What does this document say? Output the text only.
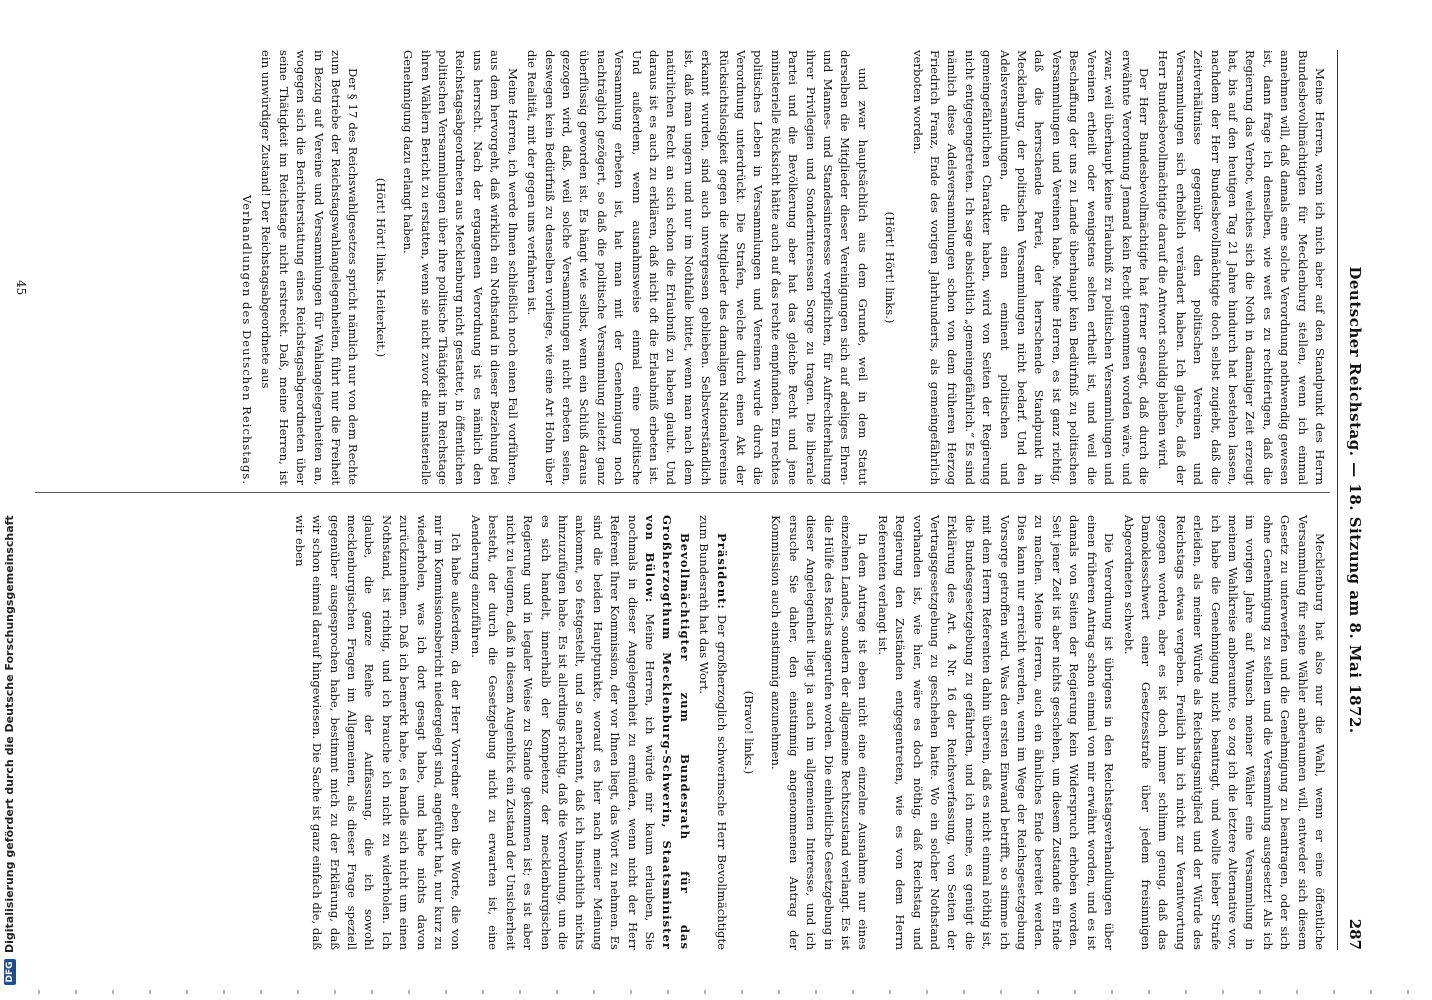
Deutscher Reichstag. — 18. Sitzung am 8. Mai 1872.
287

Meine Herren, wenn ich mich aber auf den Standpunkt des Herrn Bundesbevollmächtigten für Mecklenburg stellen, wenn ich einmal annehmen will, daß damals eine solche Verordnung nothwendig gewesen ist, dann frage ich denselben, wie weit es zu rechtfertigen, daß die Regierung das Verbot, welches sich die Noth in damaliger Zeit erzeugt hat, bis auf den heutigen Tag 21 Jahre hindurch hat bestehen lassen, nachdem der Herr Bundesbevollmächtigte doch selbst zugiebt, daß die Zeitverhältnisse gegenüber den politischen Vereinen und Versammlungen sich erheblich verändert haben. Ich glaube, daß der Herr Bundesbevollmächtigte darauf die Antwort schuldig bleiben wird.

Der Herr Bundesbevollmächtigte hat ferner gesagt, daß durch die erwähnte Verordnung Jemand kein Recht genommen worden wäre, und zwar, weil überhaupt keine Erlaubniß zu politischen Versammlungen und Vereinen ertheilt oder wenigstens selten ertheilt ist, und weil die Beschaffung der uns zu Lande überhaupt kein Bedürfniß zu politischen Versammlungen und Vereinen habe. Meine Herren, es ist ganz richtig, daß die herrschende Partei, der herrschende Standpunkt in Mecklenburg, der politischen Versammlungen nicht bedarf. Und den Adelsversammlungen, die einen eminent politischen und gemeingefährlichen Charakter haben, wird von Seiten der Regierung nicht entgegengetreten. Ich sage absichtlich „gemeingefährlich.“ Es sind nämlich diese Adelsversammlungen schon von dem früheren Herzog Friedrich Franz, Ende des vorigen Jahrhunderts, als gemeingefährlich verboten worden.

(Hört! Hört! links.)

und zwar hauptsächlich aus dem Grunde, weil in dem Statut derselben die Mitglieder dieser Vereinigungen sich auf adeliges Ehren- und Mannes- und Standesinteresse verpflichten, für Aufrechterhaltung ihrer Privilegien und Sonderinteressen Sorge zu tragen. Die liberale Partei und die Bevölkerung aber hat das gleiche Recht und jene ministerielle Rücksicht hätte auch auf das rechte empfunden. Ein rechtes politisches Leben in Versammlungen und Vereinen wurde durch die Verordnung unterdrückt. Die Strafen, welche durch einen Akt der Rücksichtslosigkeit gegen die Mitglieder des damaligen Nationalvereins erkannt wurden, sind auch unvergessen geblieben. Selbstverständlich ist, daß man ungern und nur im Nothfalle bittet, wenn man nach dem natürlichen Recht an sich schon die Erlaubniß zu haben glaubt. Und daraus ist es auch zu erklären, daß nicht oft die Erlaubniß erbeten ist. Und außerdem, wenn ausnahmsweise einmal eine politische Versammlung erbeten ist, hat man mit der Genehmigung noch nachträglich gezögert, so daß die politische Versammlung zuletzt ganz überflüssig geworden ist. Es hängt wie selbst, wenn ein Schluß daraus gezogen wird, daß, weil solche Versammlungen nicht erbeten seien, deswegen kein Bedürfniß zu denselben vorliege, wie eine Art Hohn über die Realität, mit der gegen uns verfahren ist.

Meine Herren, ich werde Ihnen schließlich noch einen Fall vorführen, aus dem hervorgeht, daß wirklich ein Nothstand in dieser Beziehung bei uns herrscht. Nach der ergangenen Verordnung ist es nämlich den Reichstagsabgeordneten aus Mecklenburg nicht gestattet, in öffentlichen politischen Versammlungen über ihre politische Thätigkeit im Reichstage ihren Wählern Bericht zu erstatten, wenn sie nicht zuvor die ministerielle Genehmigung dazu erlangt haben.

(Hört! Hört! links. Heiterkeit.)

Der § 17 des Reichswahlgesetzes spricht nämlich nur von dem Rechte zum Betriebe der Reichstagswahlangelegenheiten, führt nur die Freiheit in Bezug auf Vereine und Versammlungen für Wahlangelegenheiten an, wogegen sich die Berichterstattung eines Reichstagsabgeordneten über seine Thätigkeit im Reichstage nicht erstreckt. Daß, meine Herren, ist ein unwürdiger Zustand! Der Reichstagsabgeordnete aus

Verhandlungen des Deutschen Reichstags.

Mecklenburg hat also nur die Wahl, wenn er eine öffentliche Versammlung für seine Wähler anberaumen will, entweder sich diesem Gesetz zu unterwerfen und die Genehmigung zu beantragen, oder sich ohne Genehmigung zu stellen und die Versammlung ausgesetzt! Als ich im vorigen Jahre auf Wunsch meiner Wähler eine Versammlung in meinem Wahlkreise anberaumte, so zog ich die letztere Alternative vor, ich habe die Genehmigung nicht beantragt, und wollte lieber Strafe erleiden, als meiner Würde als Reichstagsmitglied und der Würde des Reichstags etwas vergeben. Freilich bin ich nicht zur Verantwortung gezogen worden, aber es ist doch immer schlimm genug, daß das Damoklesschwert einer Gesetzesstrafe über jedem freisinnigen Abgeordneten schwebt.

Die Verordnung ist übrigens in den Reichstagsverhandlungen über einen früheren Antrag schon einmal von mir erwähnt worden, und es ist damals von Seiten der Regierung kein Widerspruch erhoben worden. Seit jener Zeit ist aber nichts geschehen, um diesem Zustande ein Ende zu machen. Meine Herren, auch ein ähnliches Ende bereitet werden. Dies kann nur erreicht werden, wenn im Wege der Reichsgesetzgebung Vorsorge getroffen wird. Was den ersten Einwand betrifft, so stimme ich mit dem Herrn Referenten dahin überein, daß es nicht einmal nöthig ist, die Bundesgesetzgebung zu gefährden, und ich meine, es genügt die Erklärung des Art. 4 Nr. 16 der Reichsverfassung, von Seiten der Vertragsgesetzgebung zu geschehen hatte. Wo ein solcher Nothstand vorhanden ist, wie hier, wäre es doch nöthig, daß Reichstag und Regierung den Zuständen entgegentreten, wie es von dem Herrn Referenten verlangt ist.

In dem Antrage ist eben nicht eine einzelne Ausnahme nur eines einzelnen Landes, sondern der allgemeine Rechtszustand verlangt. Es ist die Hülfe des Reichs angerufen worden. Die einheitliche Gesetzgebung in dieser Angelegenheit liegt ja auch im allgemeinen Interesse, und ich ersuche Sie daher, den einstimmig angenommenen Antrag der Kommission auch einstimmig anzunehmen.

(Bravo! links.)

Präsident: Der großherzoglich schwerinsche Herr Bevollmächtigte zum Bundesrath hat das Wort.

Bevollmächtigter zum Bundesrath für das Großherzogthum Mecklenburg-Schwerin, Staatsminister von Bülow: Meine Herren, ich würde mir kaum erlauben, Sie nochmals in dieser Angelegenheit zu ermüden, wenn nicht der Herr Referent Ihrer Kommission, der vor Ihnen liegt, das Wort zu nehmen. Es sind die beiden Hauptpunkte, worauf es hier nach meiner Meinung ankommt, so festgestellt, und so anerkannt, daß ich hinsichtlich nichts hinzuzufügen habe. Es ist allerdings richtig, daß die Verordnung, um die es sich handelt, innerhalb der Kompetenz der mecklenburgischen Regierung und in legaler Weise zu Stande gekommen ist; es ist aber nicht zu leugnen, daß in diesem Augenblick ein Zustand der Unsicherheit besteht, der durch die Gesetzgebung nicht zu erwarten ist, eine Aenderung einzuführen.

Ich habe außerdem, da der Herr Vorredner eben die Worte, die von mir im Kommissionsbericht niedergelegt sind, angeführt hat, nur kurz zu wiederholen, was ich dort gesagt habe, und habe nichts davon zurückzunehmen. Daß ich bemerkt habe, es handle sich nicht um einen Nothstand, ist richtig, und ich brauche ich nicht zu widerholen. Ich glaube, die ganze Reihe der Auffassung, die ich sowohl mecklenburgischen Fragen im Allgemeinen, als dieser Frage speziell gegenüber ausgesprochen habe, bestimmt mich zu der Erklärung, daß wir schon einmal darauf hingewiesen. Die Sache ist ganz einfach die, daß wir eben

45
DFG
Digitalisierung gefördert durch die Deutsche Forschungsgemeinschaft
